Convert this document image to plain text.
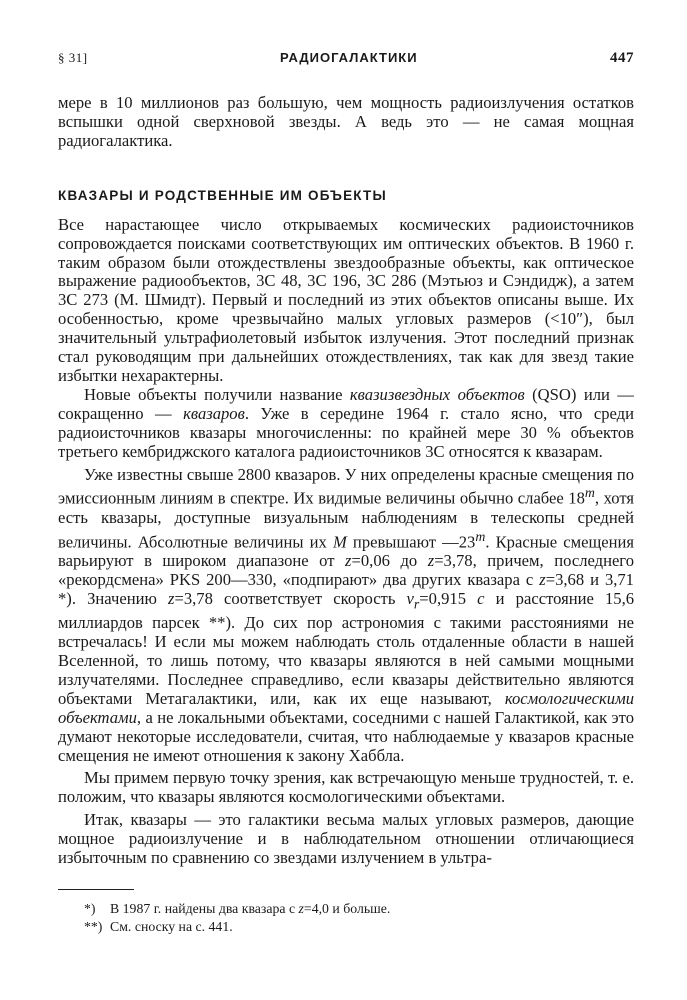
§ 31]	РАДИОГАЛАКТИКИ	447

мере в 10 миллионов раз большую, чем мощность радиоизлучения остатков вспышки одной сверхновой звезды. А ведь это — не самая мощная радиогалактика.

КВАЗАРЫ И РОДСТВЕННЫЕ ИМ ОБЪЕКТЫ

Все нарастающее число открываемых космических радиоисточников сопровождается поисками соответствующих им оптических объектов. В 1960 г. таким образом были отождествлены звездообразные объекты, как оптическое выражение радиообъектов, 3С 48, 3С 196, 3С 286 (Мэтьюз и Сэндидж), а затем 3С 273 (М. Шмидт). Первый и последний из этих объектов описаны выше. Их особенностью, кроме чрезвычайно малых угловых размеров (<10″), был значительный ультрафиолетовый избыток излучения. Этот последний признак стал руководящим при дальнейших отождествлениях, так как для звезд такие избытки нехарактерны.

Новые объекты получили название квазизвездных объектов (QSO) или — сокращенно — квазаров. Уже в середине 1964 г. стало ясно, что среди радиоисточников квазары многочисленны: по крайней мере 30 % объектов третьего кембриджского каталога радиоисточников 3С относятся к квазарам.

Уже известны свыше 2800 квазаров. У них определены красные смещения по эмиссионным линиям в спектре. Их видимые величины обычно слабее 18$^m$, хотя есть квазары, доступные визуальным наблюдениям в телескопы средней величины. Абсолютные величины их M превышают —23$^m$. Красные смещения варьируют в широком диапазоне от z=0,06 до z=3,78, причем, последнего «рекордсмена» PKS 200—330, «подпирают» два других квазара с z=3,68 и 3,71 *). Значению z=3,78 соответствует скорость $v_r=0,915$ c и расстояние 15,6 миллиардов парсек **). До сих пор астрономия с такими расстояниями не встречалась! И если мы можем наблюдать столь отдаленные области в нашей Вселенной, то лишь потому, что квазары являются в ней самыми мощными излучателями. Последнее справедливо, если квазары действительно являются объектами Метагалактики, или, как их еще называют, космологическими объектами, а не локальными объектами, соседними с нашей Галактикой, как это думают некоторые исследователи, считая, что наблюдаемые у квазаров красные смещения не имеют отношения к закону Хаббла.

Мы примем первую точку зрения, как встречающую меньше трудностей, т. е. положим, что квазары являются космологическими объектами.

Итак, квазары — это галактики весьма малых угловых размеров, дающие мощное радиоизлучение и в наблюдательном отношении отличающиеся избыточным по сравнению со звездами излучением в ультра-

*) В 1987 г. найдены два квазара с z=4,0 и больше.
**) См. сноску на с. 441.
